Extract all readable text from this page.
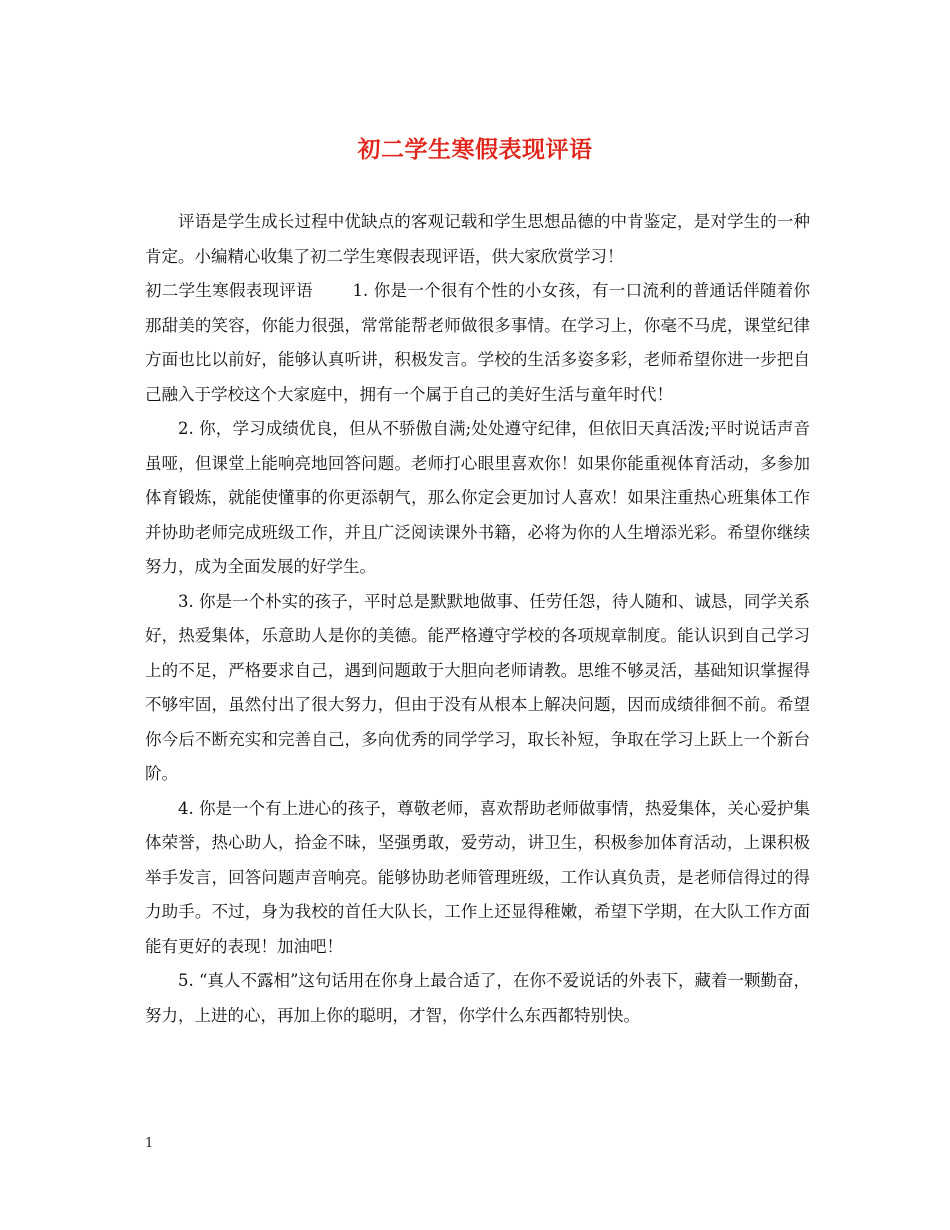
初二学生寒假表现评语

评语是学生成长过程中优缺点的客观记载和学生思想品德的中肯鉴定，是对学生的一种肯定。小编精心收集了初二学生寒假表现评语，供大家欣赏学习！

初二学生寒假表现评语 1. 你是一个很有个性的小女孩，有一口流利的普通话伴随着你那甜美的笑容，你能力很强，常常能帮老师做很多事情。在学习上，你毫不马虎，课堂纪律方面也比以前好，能够认真听讲，积极发言。学校的生活多姿多彩，老师希望你进一步把自己融入于学校这个大家庭中，拥有一个属于自己的美好生活与童年时代！

2. 你，学习成绩优良，但从不骄傲自满;处处遵守纪律，但依旧天真活泼;平时说话声音虽哑，但课堂上能响亮地回答问题。老师打心眼里喜欢你！如果你能重视体育活动，多参加体育锻炼，就能使懂事的你更添朝气，那么你定会更加讨人喜欢！如果注重热心班集体工作并协助老师完成班级工作，并且广泛阅读课外书籍，必将为你的人生增添光彩。希望你继续努力，成为全面发展的好学生。

3. 你是一个朴实的孩子，平时总是默默地做事、任劳任怨，待人随和、诚恳，同学关系好，热爱集体，乐意助人是你的美德。能严格遵守学校的各项规章制度。能认识到自己学习上的不足，严格要求自己，遇到问题敢于大胆向老师请教。思维不够灵活，基础知识掌握得不够牢固，虽然付出了很大努力，但由于没有从根本上解决问题，因而成绩徘徊不前。希望你今后不断充实和完善自己，多向优秀的同学学习，取长补短，争取在学习上跃上一个新台阶。

4. 你是一个有上进心的孩子，尊敬老师，喜欢帮助老师做事情，热爱集体，关心爱护集体荣誉，热心助人，拾金不昧，坚强勇敢，爱劳动，讲卫生，积极参加体育活动，上课积极举手发言，回答问题声音响亮。能够协助老师管理班级，工作认真负责，是老师信得过的得力助手。不过，身为我校的首任大队长，工作上还显得稚嫩，希望下学期，在大队工作方面能有更好的表现！加油吧！

5. “真人不露相”这句话用在你身上最合适了，在你不爱说话的外表下，藏着一颗勤奋，努力，上进的心，再加上你的聪明，才智，你学什么东西都特别快。

1
